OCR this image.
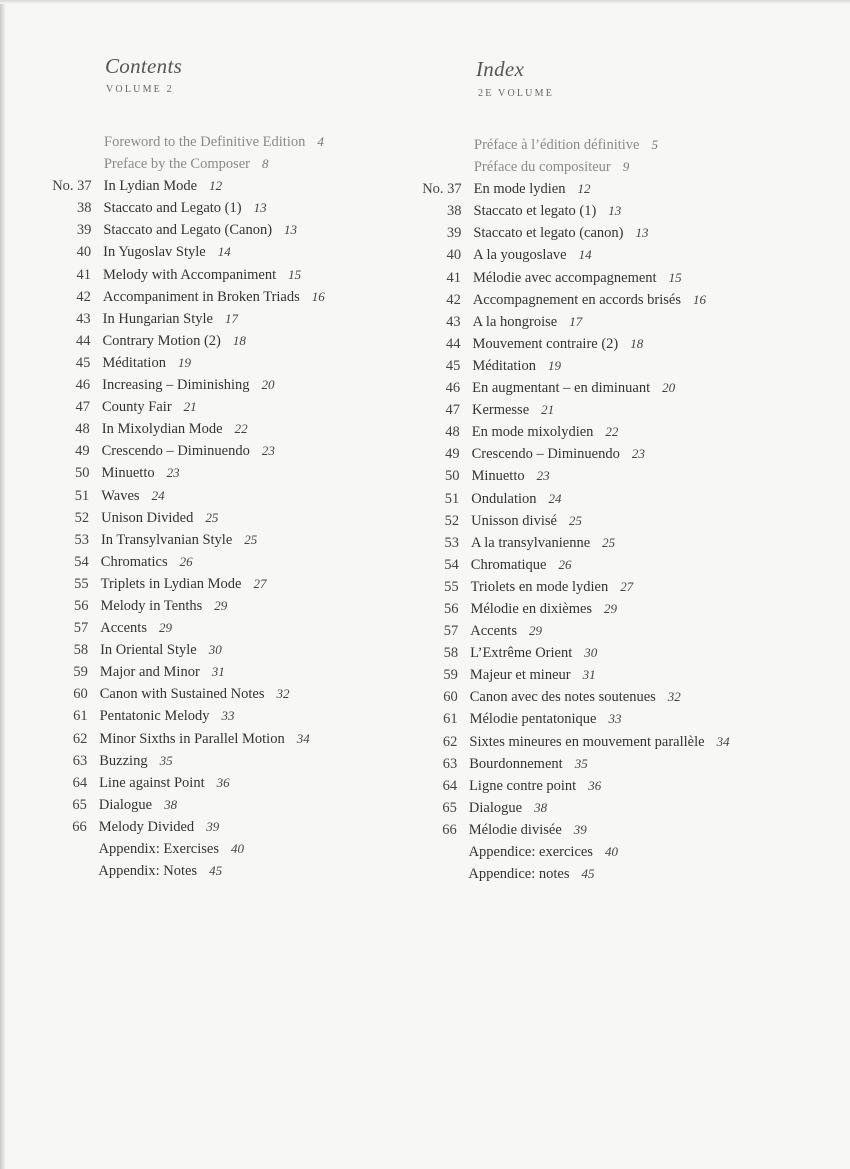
Contents
VOLUME 2
Foreword to the Definitive Edition 4
Preface by the Composer 8
No. 37 In Lydian Mode 12
38 Staccato and Legato (1) 13
39 Staccato and Legato (Canon) 13
40 In Yugoslav Style 14
41 Melody with Accompaniment 15
42 Accompaniment in Broken Triads 16
43 In Hungarian Style 17
44 Contrary Motion (2) 18
45 Méditation 19
46 Increasing – Diminishing 20
47 County Fair 21
48 In Mixolydian Mode 22
49 Crescendo – Diminuendo 23
50 Minuetto 23
51 Waves 24
52 Unison Divided 25
53 In Transylvanian Style 25
54 Chromatics 26
55 Triplets in Lydian Mode 27
56 Melody in Tenths 29
57 Accents 29
58 In Oriental Style 30
59 Major and Minor 31
60 Canon with Sustained Notes 32
61 Pentatonic Melody 33
62 Minor Sixths in Parallel Motion 34
63 Buzzing 35
64 Line against Point 36
65 Dialogue 38
66 Melody Divided 39
Appendix: Exercises 40
Appendix: Notes 45
Index
2E VOLUME
Préface à l’édition définitive 5
Préface du compositeur 9
No. 37 En mode lydien 12
38 Staccato et legato (1) 13
39 Staccato et legato (canon) 13
40 A la yougoslave 14
41 Mélodie avec accompagnement 15
42 Accompagnement en accords brisés 16
43 A la hongroise 17
44 Mouvement contraire (2) 18
45 Méditation 19
46 En augmentant – en diminuant 20
47 Kermesse 21
48 En mode mixolydien 22
49 Crescendo – Diminuendo 23
50 Minuetto 23
51 Ondulation 24
52 Unisson divisé 25
53 A la transylvanienne 25
54 Chromatique 26
55 Triolets en mode lydien 27
56 Mélodie en dixièmes 29
57 Accents 29
58 L’Extrême Orient 30
59 Majeur et mineur 31
60 Canon avec des notes soutenues 32
61 Mélodie pentatonique 33
62 Sixtes mineures en mouvement parallèle 34
63 Bourdonnement 35
64 Ligne contre point 36
65 Dialogue 38
66 Mélodie divisée 39
Appendice: exercices 40
Appendice: notes 45
